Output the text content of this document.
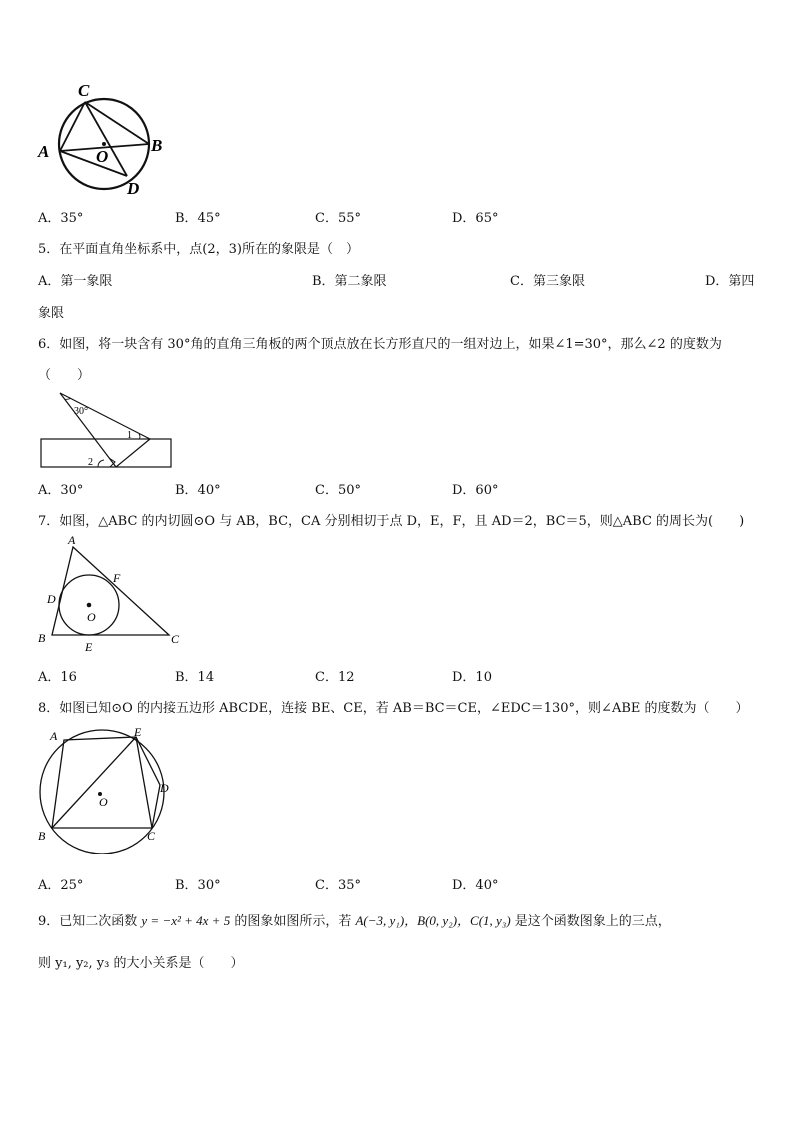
C
A	B
O
D
A．35°	B．45°	C．55°	D．65°
5．在平面直角坐标系中，点(2，3)所在的象限是（　）
A．第一象限	B．第二象限	C．第三象限	D．第四
象限
6．如图，将一块含有 30°角的直角三角板的两个顶点放在长方形直尺的一组对边上，如果∠1=30°，那么∠2 的度数为
（　　）
30°
1
2
A．30°	B．40°	C．50°	D．60°
7．如图，△ABC 的内切圆⊙O 与 AB，BC，CA 分别相切于点 D，E，F，且 AD＝2，BC＝5，则△ABC 的周长为(　　)
A
F
D
O
B	C
E
A．16	B．14	C．12	D．10
8．如图已知⊙O 的内接五边形 ABCDE，连接 BE、CE，若 AB＝BC＝CE，∠EDC＝130°，则∠ABE 的度数为（　　）
A	E
D
O
B	C
A．25°	B．30°	C．35°	D．40°
9．已知二次函数 y = −x² + 4x + 5 的图象如图所示，若 A(−3, y₁)，B(0, y₂)，C(1, y₃) 是这个函数图象上的三点，
则 y₁, y₂, y₃ 的大小关系是（　　）
